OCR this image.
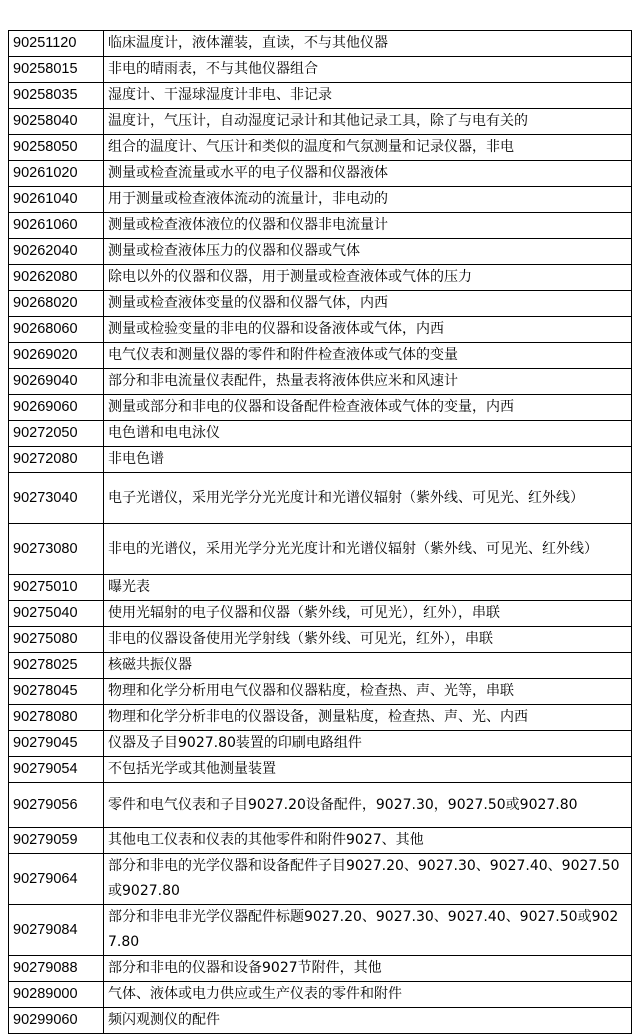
90251120	临床温度计，液体灌装，直读，不与其他仪器
90258015	非电的晴雨表，不与其他仪器组合
90258035	湿度计、干湿球湿度计非电、非记录
90258040	温度计，气压计，自动湿度记录计和其他记录工具，除了与电有关的
90258050	组合的温度计、气压计和类似的温度和气氛测量和记录仪器，非电
90261020	测量或检查流量或水平的电子仪器和仪器液体
90261040	用于测量或检查液体流动的流量计，非电动的
90261060	测量或检查液体液位的仪器和仪器非电流量计
90262040	测量或检查液体压力的仪器和仪器或气体
90262080	除电以外的仪器和仪器，用于测量或检查液体或气体的压力
90268020	测量或检查液体变量的仪器和仪器气体，内西
90268060	测量或检验变量的非电的仪器和设备液体或气体，内西
90269020	电气仪表和测量仪器的零件和附件检查液体或气体的变量
90269040	部分和非电流量仪表配件，热量表将液体供应米和风速计
90269060	测量或部分和非电的仪器和设备配件检查液体或气体的变量，内西
90272050	电色谱和电电泳仪
90272080	非电色谱
90273040	电子光谱仪，采用光学分光光度计和光谱仪辐射（紫外线、可见光、红外线）
90273080	非电的光谱仪，采用光学分光光度计和光谱仪辐射（紫外线、可见光、红外线）
90275010	曝光表
90275040	使用光辐射的电子仪器和仪器（紫外线，可见光），红外），串联
90275080	非电的仪器设备使用光学射线（紫外线、可见光，红外），串联
90278025	核磁共振仪器
90278045	物理和化学分析用电气仪器和仪器粘度，检查热、声、光等，串联
90278080	物理和化学分析非电的仪器设备，测量粘度，检查热、声、光、内西
90279045	仪器及子目9027.80装置的印刷电路组件
90279054	不包括光学或其他测量装置
90279056	零件和电气仪表和子目9027.20设备配件，9027.30，9027.50或9027.80
90279059	其他电工仪表和仪表的其他零件和附件9027、其他
90279064	部分和非电的光学仪器和设备配件子目9027.20、9027.30、9027.40、9027.50或9027.80
90279084	部分和非电非光学仪器配件标题9027.20、9027.30、9027.40、9027.50或9027.80
90279088	部分和非电的仪器和设备9027节附件，其他
90289000	气体、液体或电力供应或生产仪表的零件和附件
90299060	频闪观测仪的配件
